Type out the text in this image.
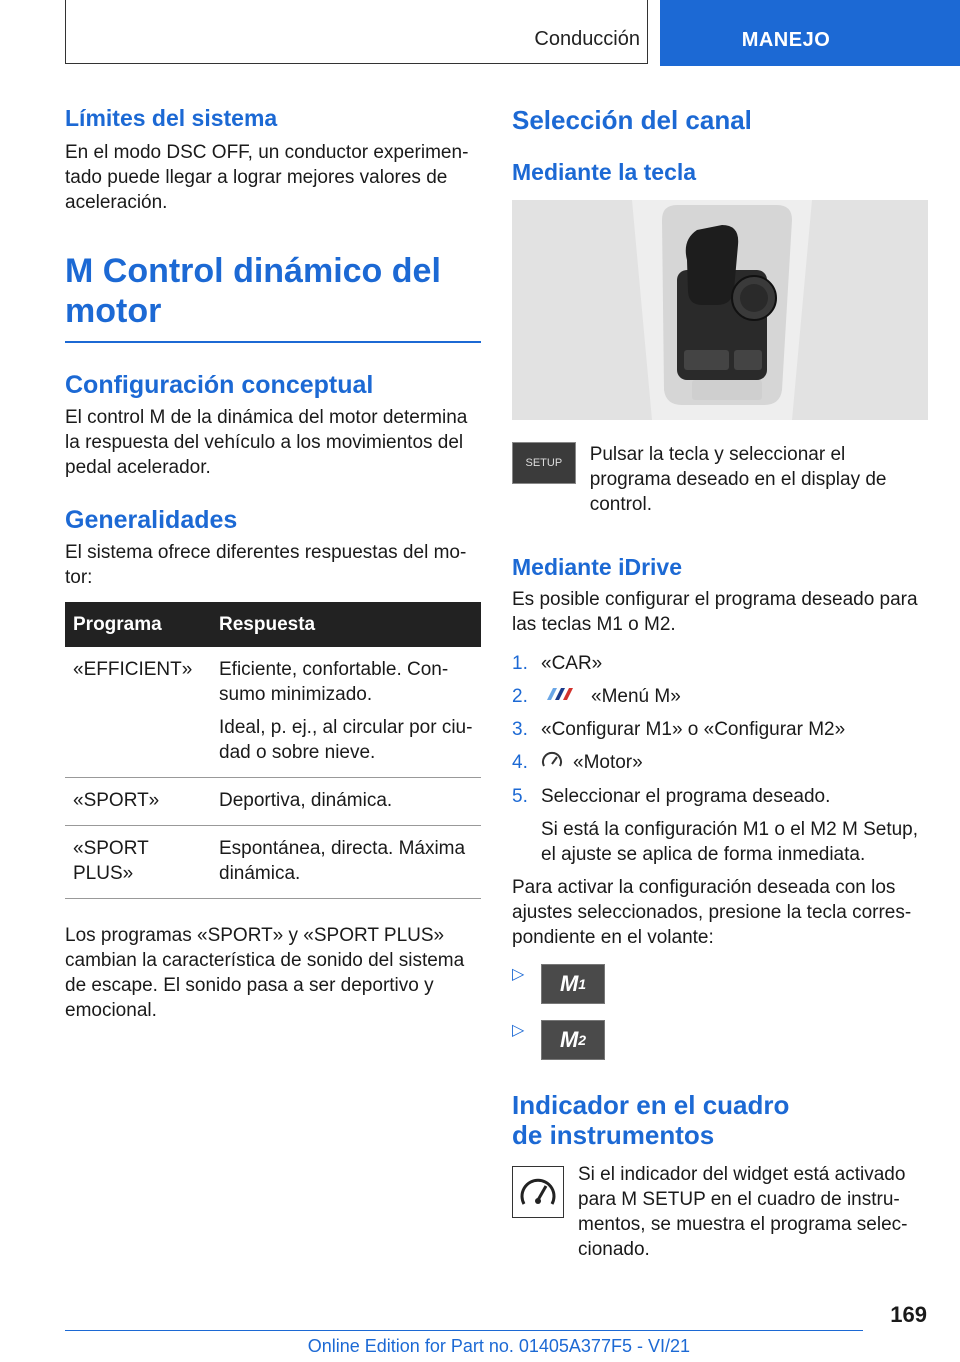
Conducción	MANEJO
Límites del sistema

En el modo DSC OFF, un conductor experimentado puede llegar a lograr mejores valores de aceleración.

M Control dinámico del motor
Configuración conceptual

El control M de la dinámica del motor determina la respuesta del vehículo a los movimientos del pedal acelerador.

Generalidades

El sistema ofrece diferentes respuestas del motor:

Programa	Respuesta
«EFFICIENT»	Eficiente, confortable. Consumo minimizado.
Ideal, p. ej., al circular por ciudad o sobre nieve.

«SPORT»	Deportiva, dinámica.
«SPORT PLUS»	Espontánea, directa. Máxima dinámica.

Los programas «SPORT» y «SPORT PLUS» cambian la característica de sonido del sistema de escape. El sonido pasa a ser deportivo y emocional.

Selección del canal
Mediante la tecla
SETUP	Pulsar la tecla y seleccionar el programa deseado en el display de control.

Mediante iDrive

Es posible configurar el programa deseado para las teclas M1 o M2.

1. «CAR»
2.	«Menú M»
3. «Configurar M1» o «Configurar M2»
4. «Motor»
5. Seleccionar el programa deseado.
Si está la configuración M1 o el M2 M Setup, el ajuste se aplica de forma inmediata.

Para activar la configuración deseada con los ajustes seleccionados, presione la tecla correspondiente en el volante:

▷	M 1
▷	M 2
Indicador en el cuadro
de instrumentos

Si el indicador del widget está activado para M SETUP en el cuadro de instrumentos, se muestra el programa seleccionado.

169
Online Edition for Part no. 01405A377F5 - VI/21
